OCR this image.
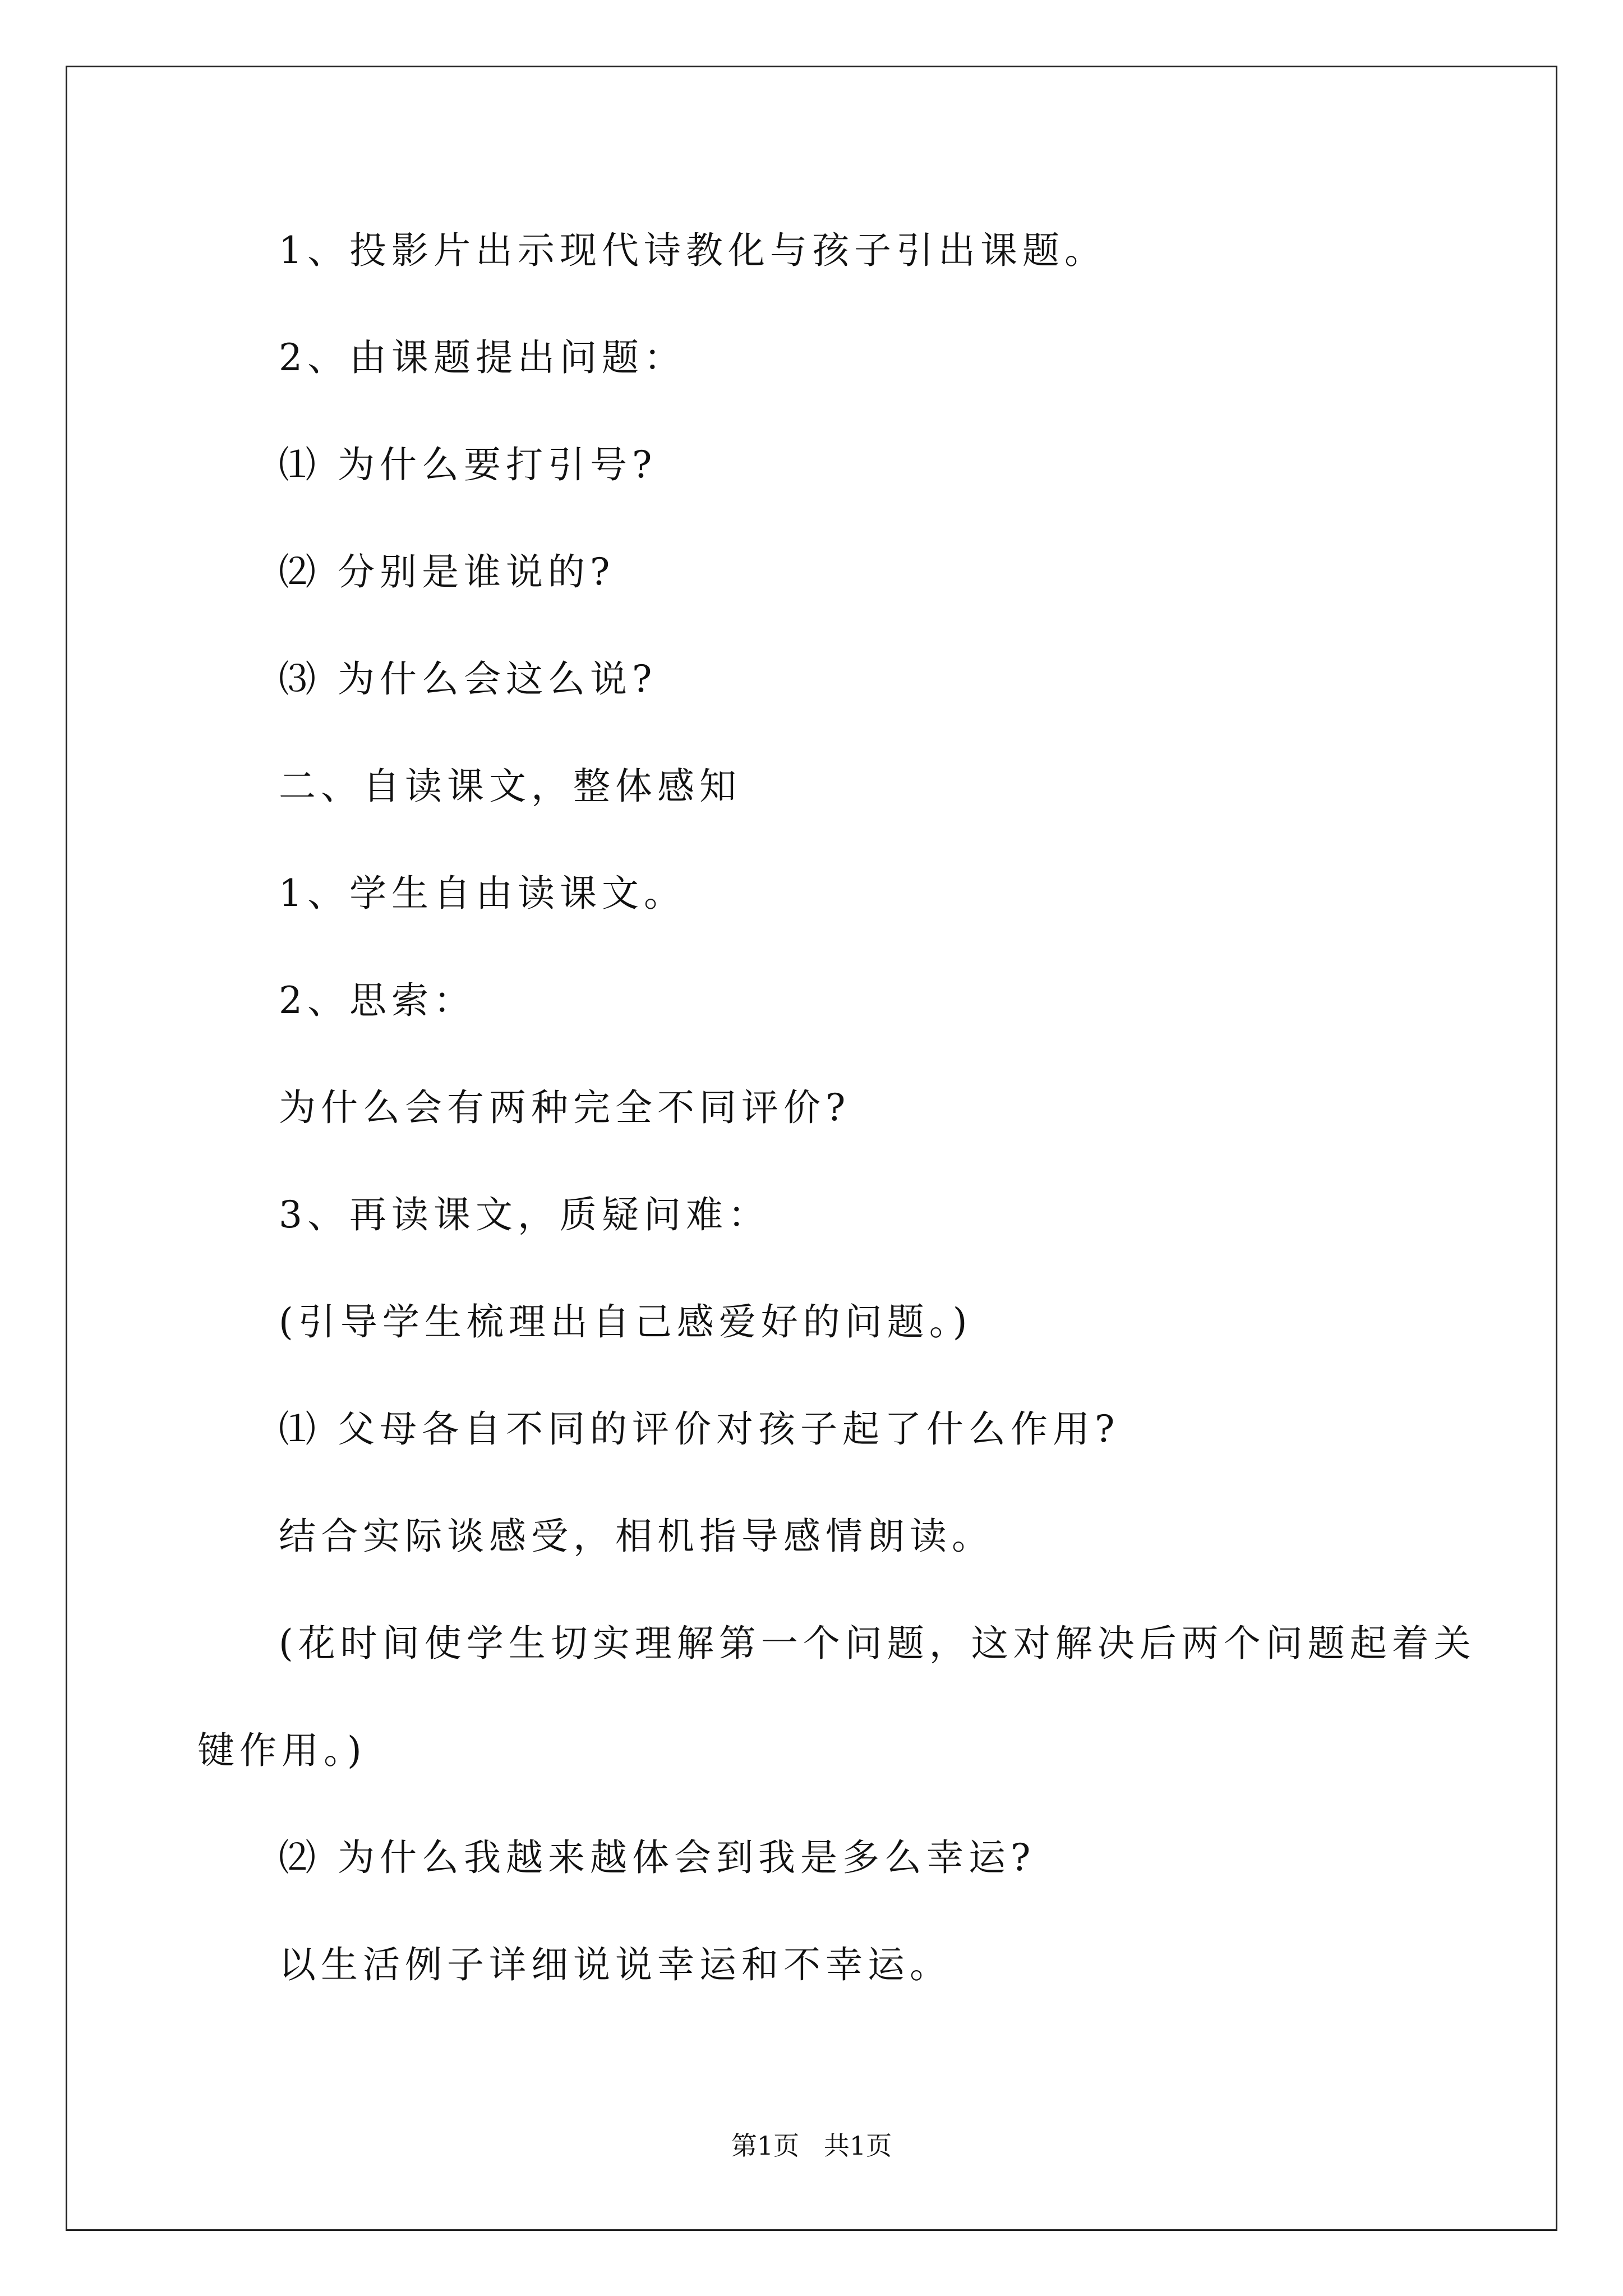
1、投影片出示现代诗教化与孩子引出课题。
2、由课题提出问题：
⑴ 为什么要打引号?
⑵ 分别是谁说的?
⑶ 为什么会这么说?
二、自读课文，整体感知
1、学生自由读课文。
2、思索：
为什么会有两种完全不同评价?
3、再读课文，质疑问难：
(引导学生梳理出自己感爱好的问题。)
⑴ 父母各自不同的评价对孩子起了什么作用?
结合实际谈感受，相机指导感情朗读。
(花时间使学生切实理解第一个问题，这对解决后两个问题起着关
键作用。)
⑵ 为什么我越来越体会到我是多么幸运?
以生活例子详细说说幸运和不幸运。
第1页   共1页
